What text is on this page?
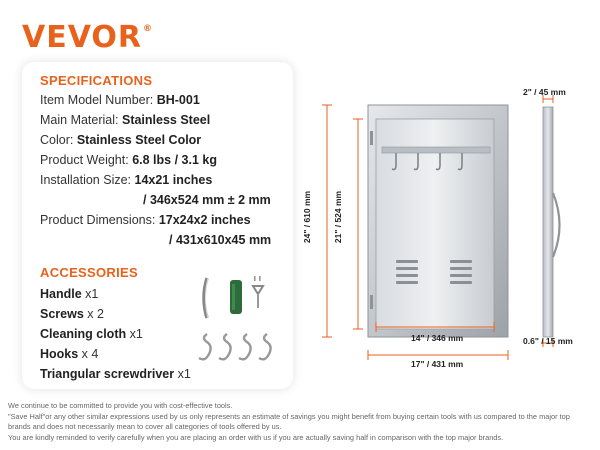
VEVOR®
SPECIFICATIONS
Item Model Number: BH-001
Main Material: Stainless Steel
Color: Stainless Steel Color
Product Weight: 6.8 lbs / 3.1 kg
Installation Size: 14x21 inches
/ 346x524 mm ± 2 mm
Product Dimensions: 17x24x2 inches
/ 431x610x45 mm
ACCESSORIES
Handle x1
Screws x 2
Cleaning cloth x1
Hooks x 4
Triangular screwdriver x1
24" / 610 mm 21" / 524 mm
14" / 346 mm
17" / 431 mm
2" / 45 mm
0.6" / 15 mm
We continue to be committed to provide you with cost-effective tools.
"Save Half"or any other similar expressions used by us only represents an estimate of savings you might benefit from buying certain tools with us compared to the major top brands and does not necessarily mean to cover all categories of tools offered by us.
You are kindly reminded to verify carefully when you are placing an order with us if you are actually saving half in comparison with the top major brands.
